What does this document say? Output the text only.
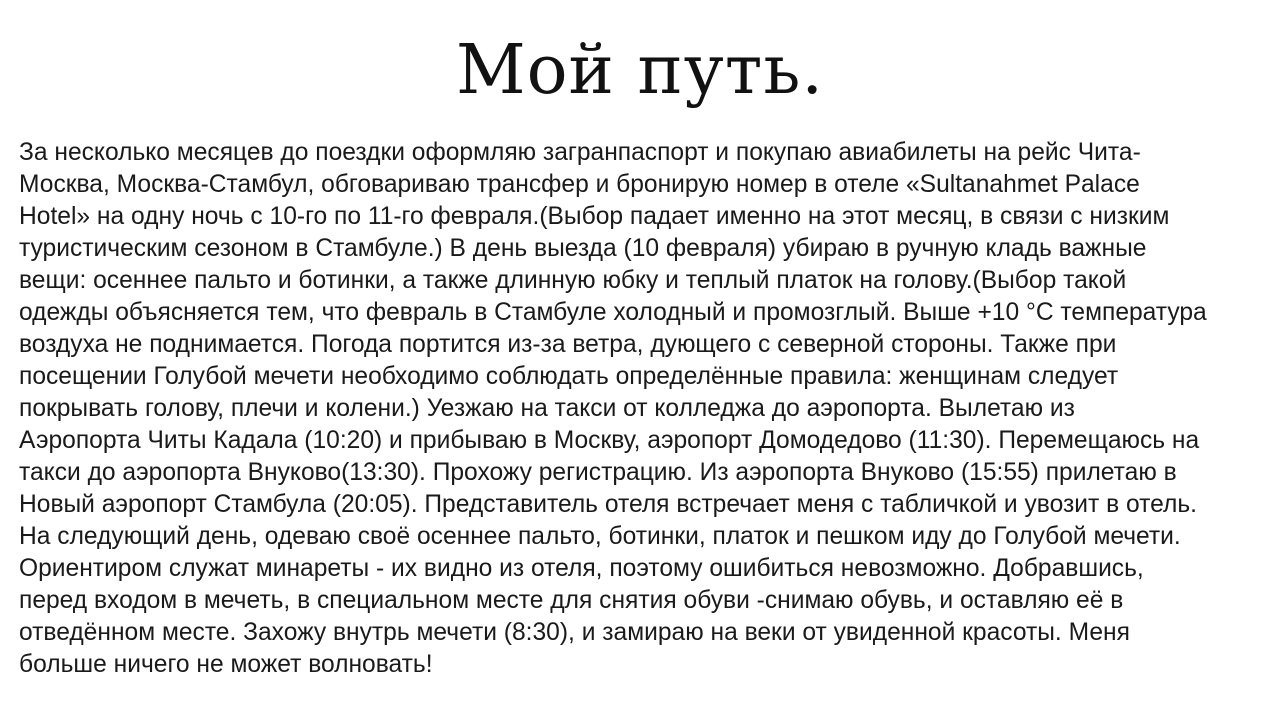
Мой путь.
За несколько месяцев до поездки оформляю загранпаспорт и покупаю авиабилеты на рейс Чита-
Москва, Москва-Стамбул, обговариваю трансфер и бронирую номер в отеле «Sultanahmet Palace
Hotel» на одну ночь с 10-го по 11-го февраля.(Выбор падает именно на этот месяц, в связи с низким
туристическим сезоном в Стамбуле.) В день выезда (10 февраля) убираю в ручную кладь важные
вещи: осеннее пальто и ботинки, а также длинную юбку и теплый платок на голову.(Выбор такой
одежды объясняется тем, что февраль в Стамбуле холодный и промозглый. Выше +10 °C температура
воздуха не поднимается. Погода портится из-за ветра, дующего с северной стороны. Также при
посещении Голубой мечети необходимо соблюдать определённые правила: женщинам следует
покрывать голову, плечи и колени.) Уезжаю на такси от колледжа до аэропорта. Вылетаю из
Аэропорта Читы Кадала (10:20) и прибываю в Москву, аэропорт Домодедово (11:30). Перемещаюсь на
такси до аэропорта Внуково(13:30). Прохожу регистрацию. Из аэропорта Внуково (15:55) прилетаю в
Новый аэропорт Стамбула (20:05). Представитель отеля встречает меня с табличкой и увозит в отель.
На следующий день, одеваю своё осеннее пальто, ботинки, платок и пешком иду до Голубой мечети.
Ориентиром служат минареты - их видно из отеля, поэтому ошибиться невозможно. Добравшись,
перед входом в мечеть, в специальном месте для снятия обуви -снимаю обувь, и оставляю её в
отведённом месте. Захожу внутрь мечети (8:30), и замираю на веки от увиденной красоты. Меня
больше ничего не может волновать!
